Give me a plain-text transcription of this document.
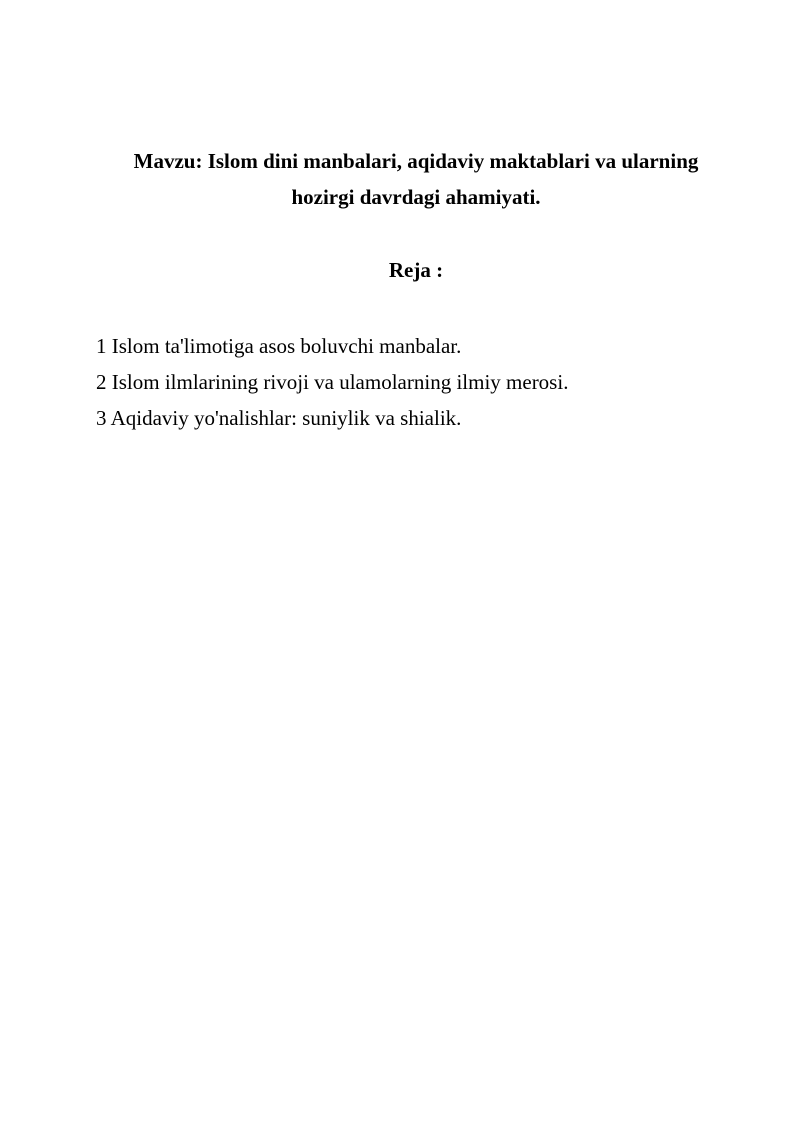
Mavzu: Islom dini manbalari, aqidaviy maktablari va ularning
hozirgi davrdagi ahamiyati.
Reja :
1 Islom ta'limotiga asos boluvchi manbalar.
2 Islom ilmlarining rivoji va ulamolarning ilmiy merosi.
3 Aqidaviy yo'nalishlar: suniylik va shialik.
